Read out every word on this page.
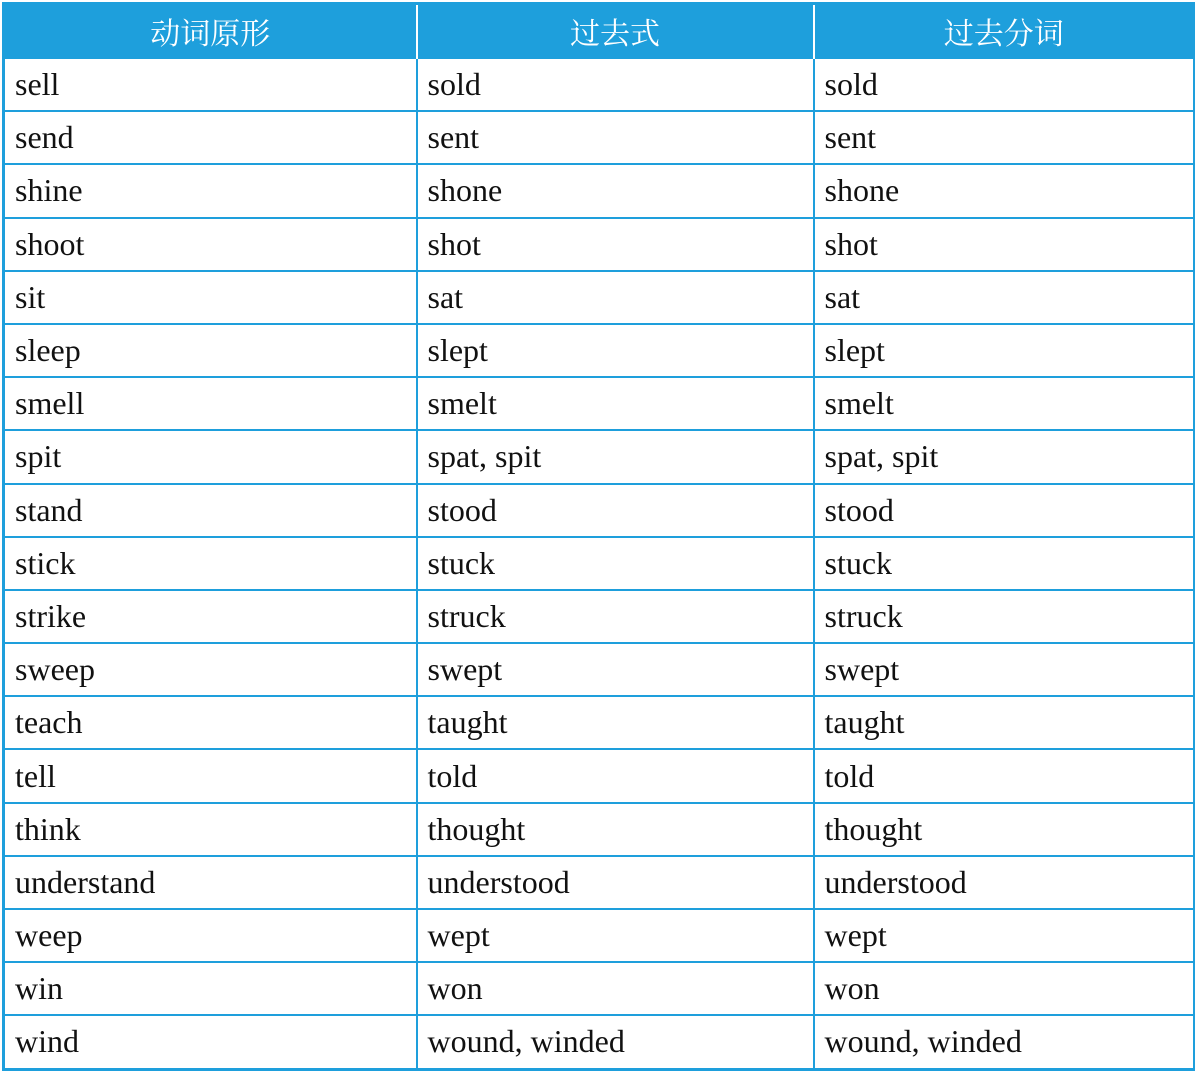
动词原形	过去式	过去分词
sell	sold	sold
send	sent	sent
shine	shone	shone
shoot	shot	shot
sit	sat	sat
sleep	slept	slept
smell	smelt	smelt
spit	spat, spit	spat, spit
stand	stood	stood
stick	stuck	stuck
strike	struck	struck
sweep	swept	swept
teach	taught	taught
tell	told	told
think	thought	thought
understand	understood	understood
weep	wept	wept
win	won	won
wind	wound, winded	wound, winded
